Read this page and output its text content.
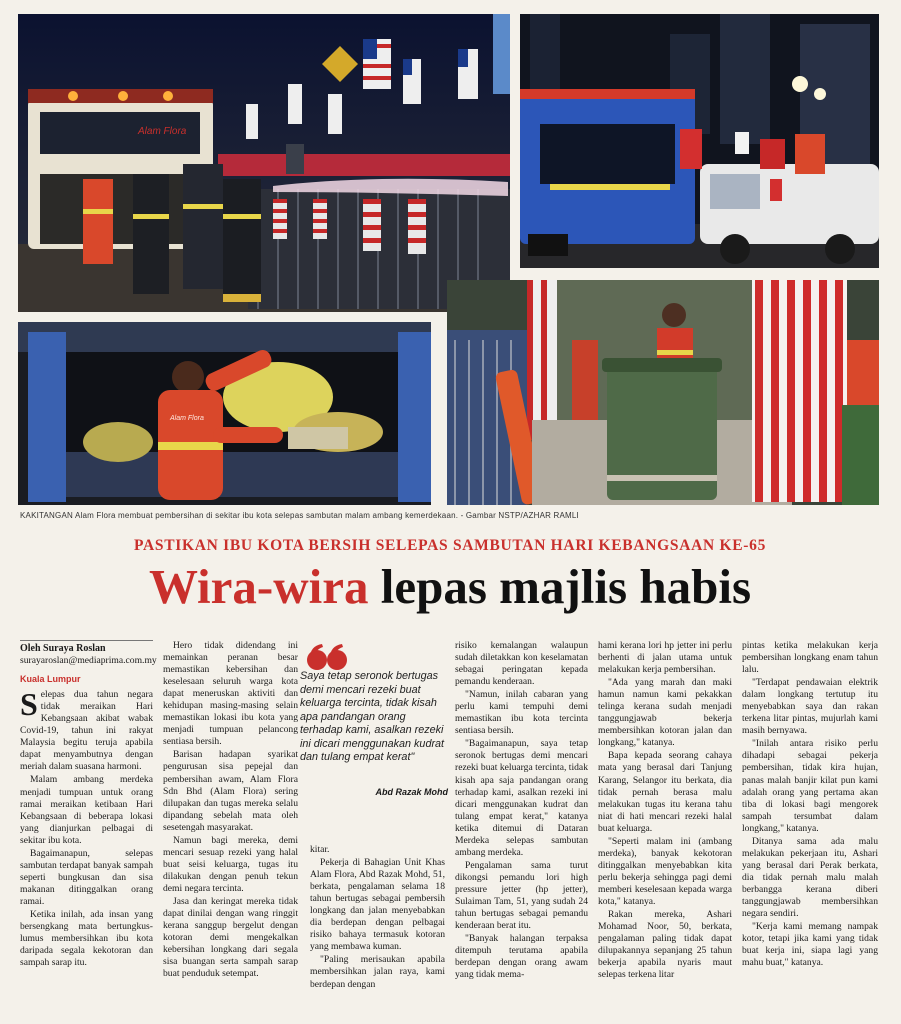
Alam Flora
Alam Flora
KAKITANGAN Alam Flora membuat pembersihan di sekitar ibu kota selepas sambutan malam ambang kemerdekaan. - Gambar NSTP/AZHAR RAMLI
PASTIKAN IBU KOTA BERSIH SELEPAS SAMBUTAN HARI KEBANGSAAN KE-65
Wira-wira lepas majlis habis
Oleh Suraya Roslan
surayaroslan@mediaprima.com.my
Kuala Lumpur

Selepas dua tahun negara tidak meraikan Hari Kebangsaan akibat wabak Covid-19, tahun ini rakyat Malaysia begitu teruja apabila dapat menyambutnya dengan meriah dalam suasana harmoni.

Malam ambang merdeka menjadi tumpuan untuk orang ramai meraikan ketibaan Hari Kebangsaan di beberapa lokasi yang dianjurkan pelbagai di sekitar ibu kota.

Bagaimanapun, selepas sambutan terdapat banyak sampah seperti bungkusan dan sisa makanan ditinggalkan orang ramai.

Ketika inilah, ada insan yang bersengkang mata bertungkus-lumus membersihkan ibu kota daripada segala kekotoran dan sampah sarap itu.

Hero tidak didendang ini memainkan peranan besar memastikan kebersihan dan keselesaan seluruh warga kota dapat meneruskan aktiviti dan kehidupan masing-masing selain memastikan lokasi ibu kota yang menjadi tumpuan pelancong sentiasa bersih.

Barisan hadapan syarikat pengurusan sisa pepejal dan pembersihan awam, Alam Flora Sdn Bhd (Alam Flora) sering dilupakan dan tugas mereka selalu dipandang sebelah mata oleh sesetengah masyarakat.

Namun bagi mereka, demi mencari sesuap rezeki yang halal buat seisi keluarga, tugas itu dilakukan dengan penuh tekun demi negara tercinta.

Jasa dan keringat mereka tidak dapat dinilai dengan wang ringgit kerana sanggup bergelut dengan kotoran demi mengekalkan kebersihan longkang dari segala sisa buangan serta sampah sarap buat penduduk setempat.

Saya tetap seronok bertugas demi mencari rezeki buat keluarga tercinta, tidak kisah apa pandangan orang terhadap kami, asalkan rezeki ini dicari menggunakan kudrat dan tulang empat kerat"
Abd Razak Mohd

kitar.

Pekerja di Bahagian Unit Khas Alam Flora, Abd Razak Mohd, 51, berkata, pengalaman selama 18 tahun bertugas sebagai pembersih longkang dan jalan menyebabkan dia berdepan dengan pelbagai risiko bahaya termasuk kotoran yang membawa kuman.

"Paling merisaukan apabila membersihkan jalan raya, kami berdepan dengan

risiko kemalangan walaupun sudah diletakkan kon keselamatan sebagai peringatan kepada pemandu kenderaan.

"Namun, inilah cabaran yang perlu kami tempuhi demi memastikan ibu kota tercinta sentiasa bersih.

"Bagaimanapun, saya tetap seronok bertugas demi mencari rezeki buat keluarga tercinta, tidak kisah apa saja pandangan orang terhadap kami, asalkan rezeki ini dicari menggunakan kudrat dan tulang empat kerat," katanya ketika ditemui di Dataran Merdeka selepas sambutan ambang merdeka.

Pengalaman sama turut dikongsi pemandu lori high pressure jetter (hp jetter), Sulaiman Tam, 51, yang sudah 24 tahun bertugas sebagai pemandu kenderaan berat itu.

"Banyak halangan terpaksa ditempuh terutama apabila berdepan dengan orang awam yang tidak mema-

hami kerana lori hp jetter ini perlu berhenti di jalan utama untuk melakukan kerja pembersihan.

"Ada yang marah dan maki hamun namun kami pekakkan telinga kerana sudah menjadi tanggungjawab bekerja membersihkan kotoran jalan dan longkang," katanya.

Bapa kepada seorang cahaya mata yang berasal dari Tanjung Karang, Selangor itu berkata, dia tidak pernah berasa malu melakukan tugas itu kerana tahu niat di hati mencari rezeki halal buat keluarga.

"Seperti malam ini (ambang merdeka), banyak kekotoran ditinggalkan menyebabkan kita perlu bekerja sehingga pagi demi memberi keselesaan kepada warga kota," katanya.

Rakan mereka, Ashari Mohamad Noor, 50, berkata, pengalaman paling tidak dapat dilupakannya sepanjang 25 tahun bekerja apabila nyaris maut selepas terkena litar

pintas ketika melakukan kerja pembersihan longkang enam tahun lalu.

"Terdapat pendawaian elektrik dalam longkang tertutup itu menyebabkan saya dan rakan terkena litar pintas, mujurlah kami masih bernyawa.

"Inilah antara risiko perlu dihadapi sebagai pekerja pembersihan, tidak kira hujan, panas malah banjir kilat pun kami adalah orang yang pertama akan tiba di lokasi bagi mengorek sampah tersumbat dalam longkang," katanya.

Ditanya sama ada malu melakukan pekerjaan itu, Ashari yang berasal dari Perak berkata, dia tidak pernah malu malah berbangga kerana diberi tanggungjawab membersihkan negara sendiri.

"Kerja kami memang nampak kotor, tetapi jika kami yang tidak buat kerja ini, siapa lagi yang mahu buat," katanya.
